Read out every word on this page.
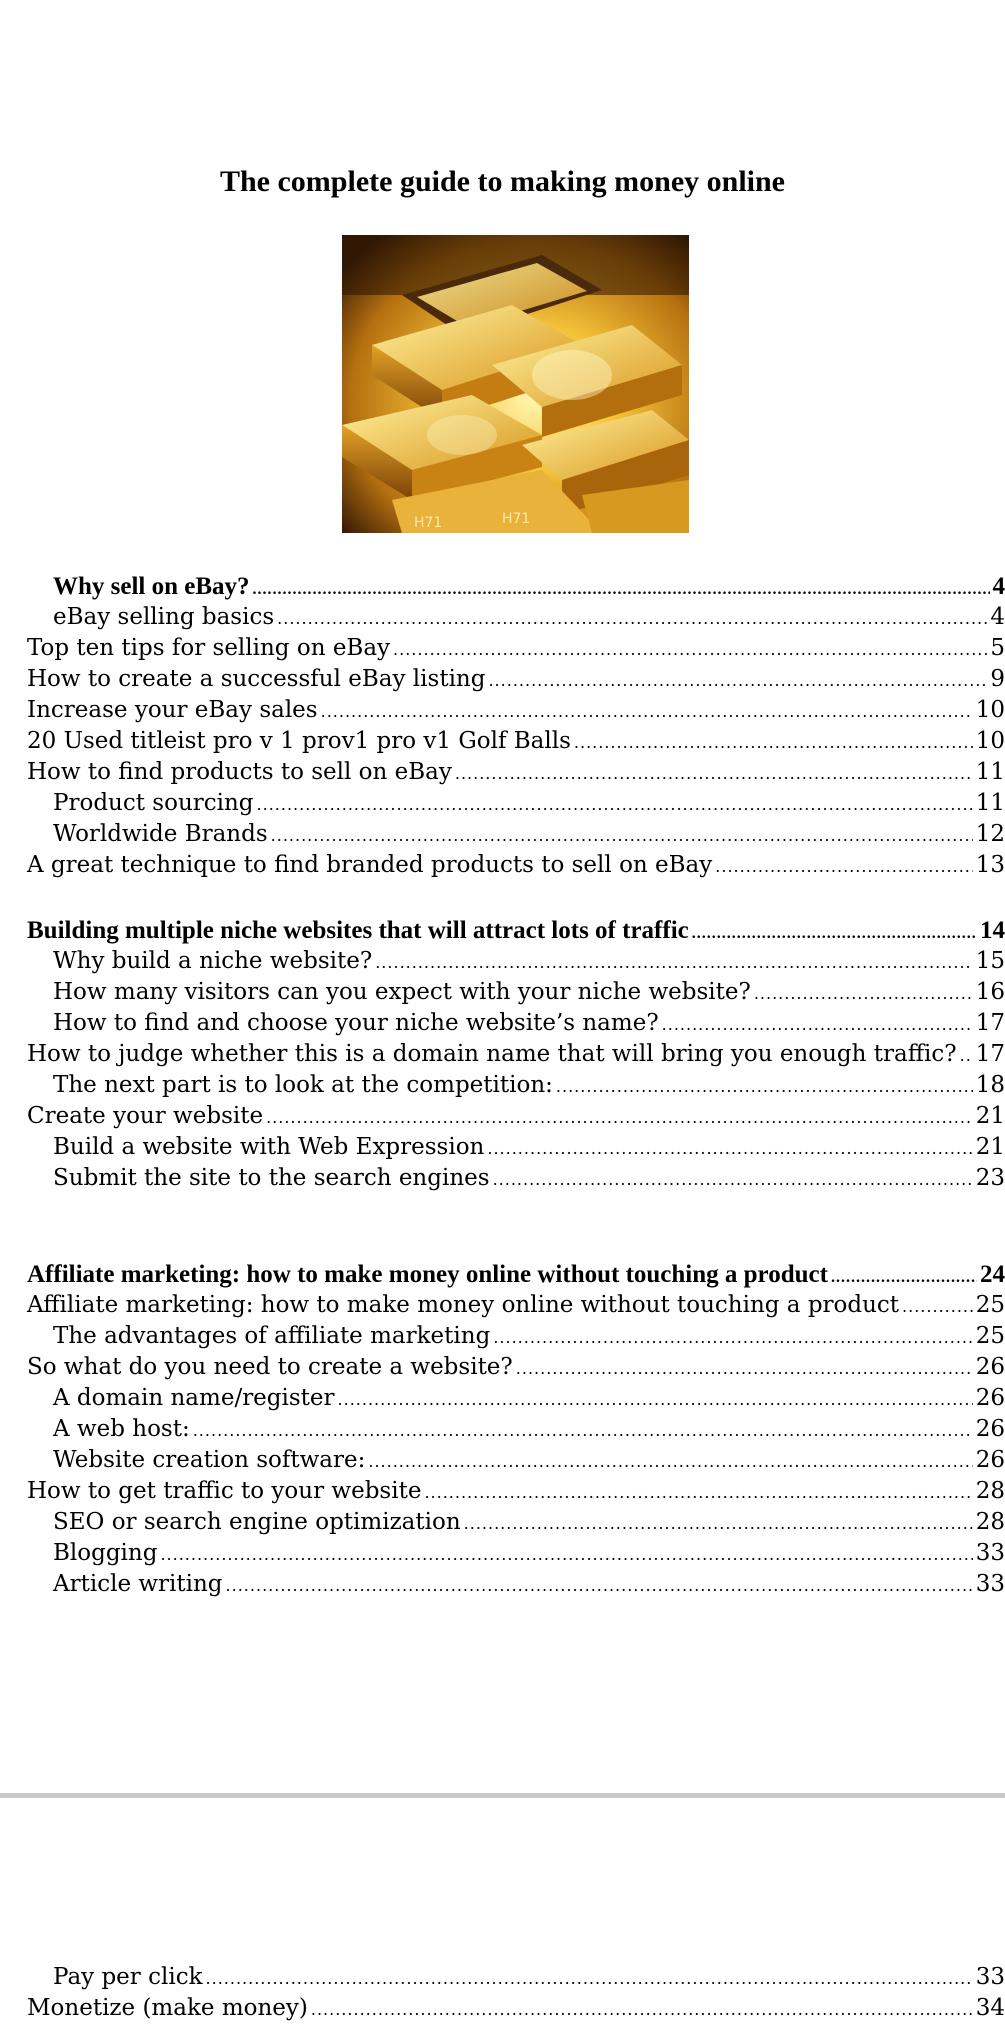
The complete guide to making money online
H71	H71
Why sell on eBay? .....	4
eBay selling basics .....	4
Top ten tips for selling on eBay .....	5
How to create a successful eBay listing .....	9
Increase your eBay sales .....	10
20 Used titleist pro v 1 prov1 pro v1 Golf Balls .....	10
How to find products to sell on eBay .....	11
Product sourcing .....	11
Worldwide Brands .....	12
A great technique to find branded products to sell on eBay .....	13
Building multiple niche websites that will attract lots of traffic .....	14
Why build a niche website? .....	15
How many visitors can you expect with your niche website? .....	16
How to find and choose your niche website’s name? .....	17
How to judge whether this is a domain name that will bring you enough traffic? ..... 17
The next part is to look at the competition: .....	18
Create your website .....	21
Build a website with Web Expression .....	21
Submit the site to the search engines .....	23
Affiliate marketing: how to make money online without touching a product .....	24
Affiliate marketing: how to make money online without touching a product .....	25
The advantages of affiliate marketing .....	25
So what do you need to create a website? .....	26
A domain name/register .....	26
A web host: .....	26
Website creation software: .....	26
How to get traffic to your website .....	28
SEO or search engine optimization .....	28
Blogging .....	33
Article writing .....	33
Pay per click .....	33
Monetize (make money) .....	34
